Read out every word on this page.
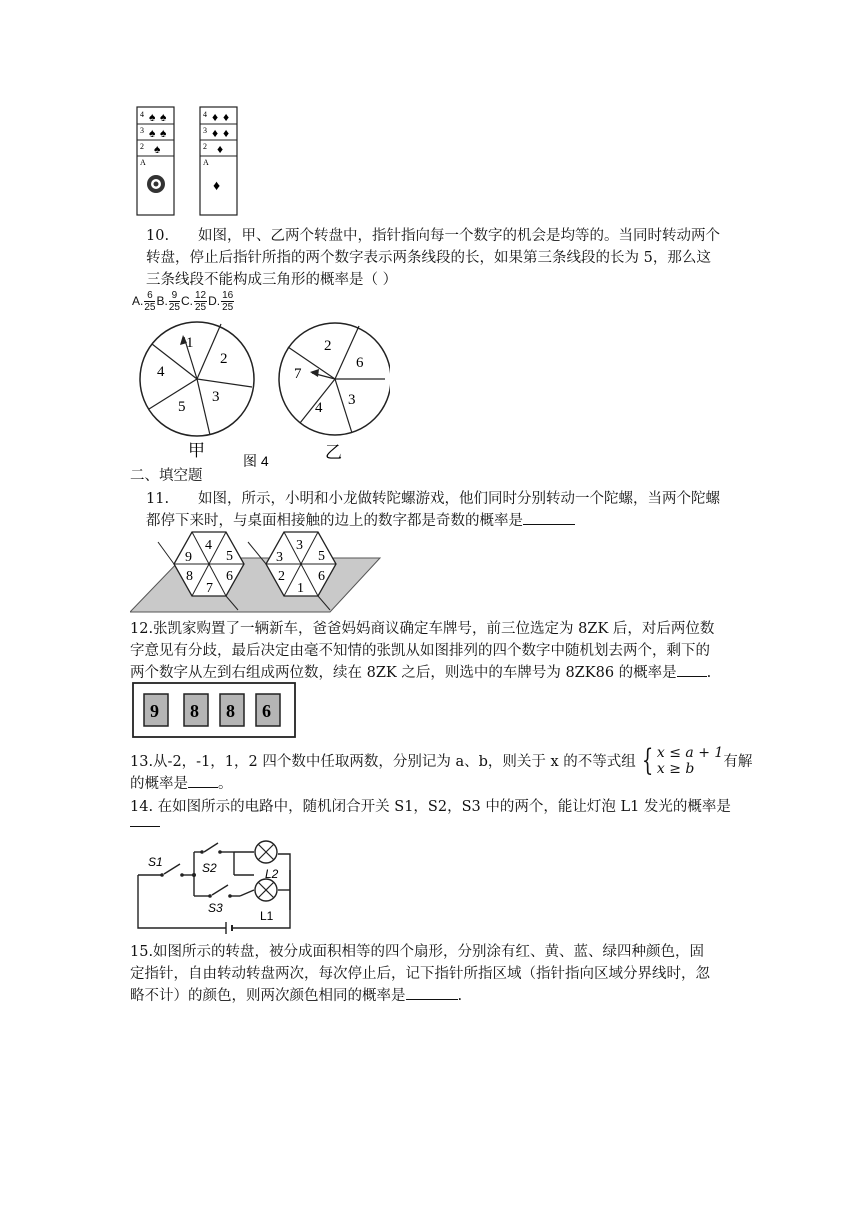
4
3
2
A
♠ ♠
♠ ♠
♠
4
3
2
A
♦ ♦
♦ ♦
♦
♦
10.　　如图，甲、乙两个转盘中，指针指向每一个数字的机会是均等的。当同时转动两个
转盘，停止后指针所指的两个数字表示两条线段的长，如果第三条线段的长为 5，那么这
三条线段不能构成三角形的概率是（ ）
A. $\frac{6}{25} B$. $\frac{9}{25} C$. $\frac{12}{25} D$. $\frac{16}{25}$
1
2
3
5
4
甲
2
6
3
4
7
乙
图 4
二、填空题
11.　　如图，所示，小明和小龙做转陀螺游戏，他们同时分别转动一个陀螺，当两个陀螺
都停下来时，与桌面相接触的边上的数字都是奇数的概率是
4
5
6
7
8
9
3
5
6
1
2
3
12.张凯家购置了一辆新车，爸爸妈妈商议确定车牌号，前三位选定为 8ZK 后，对后两位数
字意见有分歧，最后决定由毫不知情的张凯从如图排列的四个数字中随机划去两个，剩下的
两个数字从左到右组成两位数，续在 8ZK 之后，则选中的车牌号为 8ZK86 的概率是 .
9 8 8 6
13.从-2，-1，1，2 四个数中任取两数，分别记为 a、b，则关于 x 的不等式组 { x ≤ a + 1
x ≥ b	有解
的概率是 。
14. 在如图所示的电路中，随机闭合开关 S1，S2，S3 中的两个，能让灯泡 L1 发光的概率是
S1	S2
S3
L2
L1
15.如图所示的转盘，被分成面积相等的四个扇形，分别涂有红、黄、蓝、绿四种颜色，固
定指针，自由转动转盘两次，每次停止后，记下指针所指区域（指针指向区域分界线时，忽
略不计）的颜色，则两次颜色相同的概率是	.
